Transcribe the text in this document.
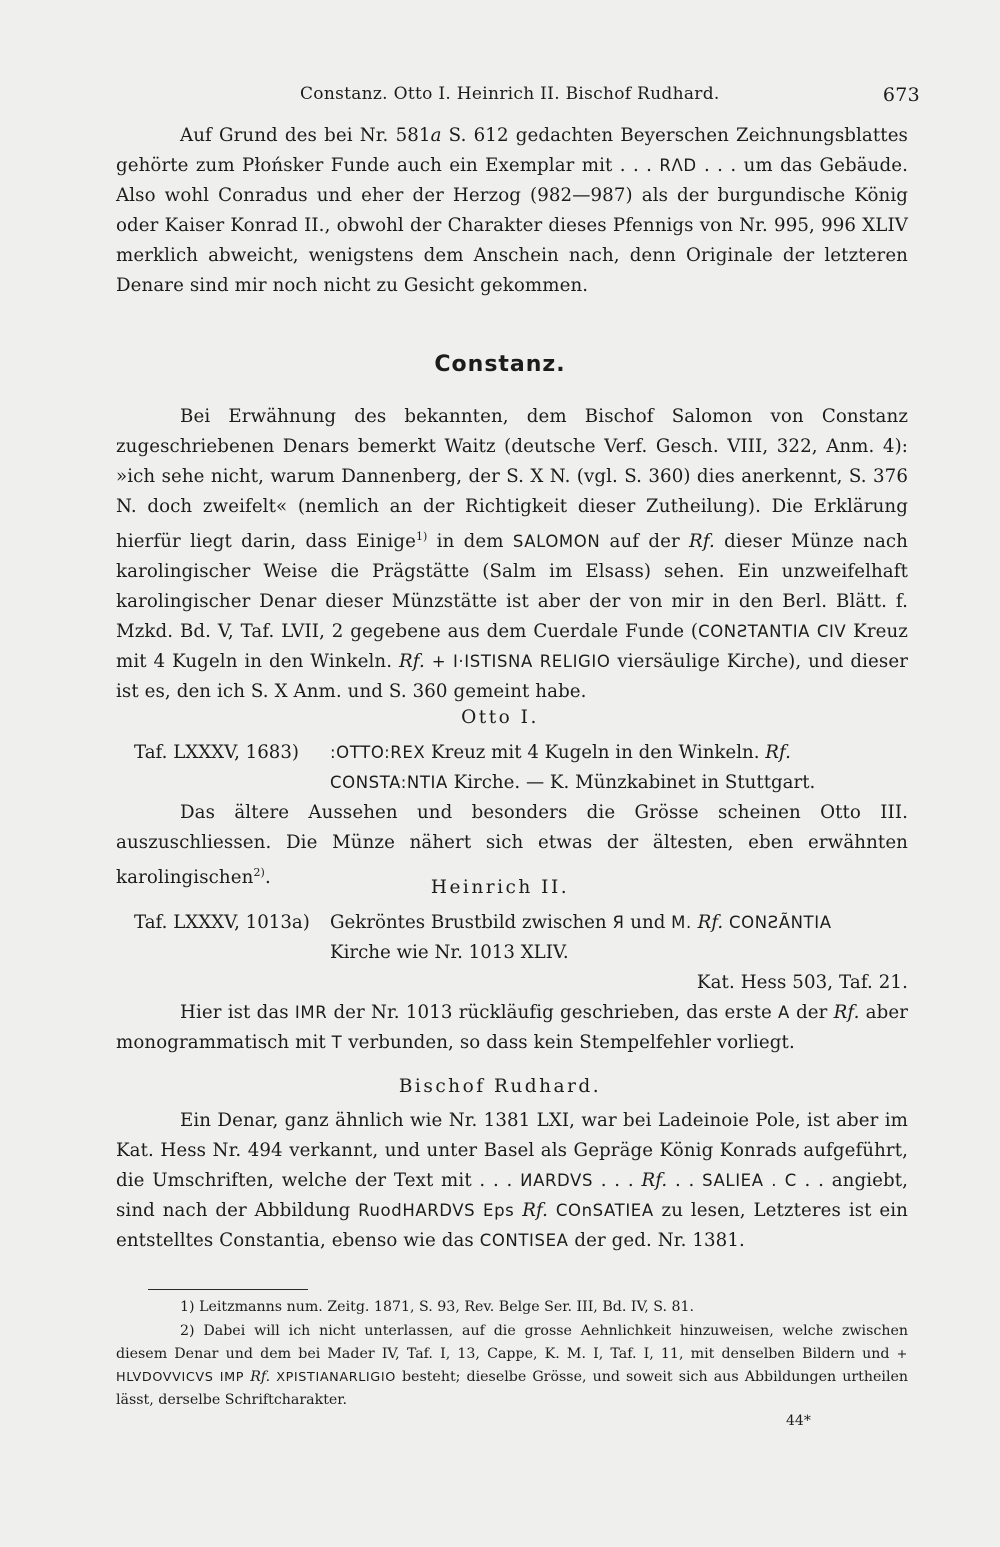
Constanz. Otto I. Heinrich II. Bischof Rudhard.	673
Auf Grund des bei Nr. 581a S. 612 gedachten Beyerschen Zeichnungsblattes gehörte zum Płońsker Funde auch ein Exemplar mit . . . RΛD . . . um das Gebäude. Also wohl Conradus und eher der Herzog (982—987) als der burgundische König oder Kaiser Konrad II., obwohl der Charakter dieses Pfennigs von Nr. 995, 996 XLIV merklich abweicht, wenigstens dem Anschein nach, denn Originale der letzteren Denare sind mir noch nicht zu Gesicht gekommen.
Constanz.
Bei Erwähnung des bekannten, dem Bischof Salomon von Constanz zugeschriebenen Denars bemerkt Waitz (deutsche Verf. Gesch. VIII, 322, Anm. 4): »ich sehe nicht, warum Dannenberg, der S. X N. (vgl. S. 360) dies anerkennt, S. 376 N. doch zweifelt« (nemlich an der Richtigkeit dieser Zutheilung). Die Erklärung hierfür liegt darin, dass Einige$^{1)}$ in dem SALOMON auf der Rf. dieser Münze nach karolingischer Weise die Prägstätte (Salm im Elsass) sehen. Ein unzweifelhaft karolingischer Denar dieser Münzstätte ist aber der von mir in den Berl. Blätt. f. Mzkd. Bd. V, Taf. LVII, 2 gegebene aus dem Cuerdale Funde (CONƧTANTIA CIV Kreuz mit 4 Kugeln in den Winkeln. Rf. + I·ISTISNA RELIGIO viersäulige Kirche), und dieser ist es, den ich S. X Anm. und S. 360 gemeint habe.
Otto I.
Taf. LXXXV, 1683) :OTTO:REX Kreuz mit 4 Kugeln in den Winkeln. Rf.
CONSTA:NTIA Kirche. — K. Münzkabinet in Stuttgart.
Das ältere Aussehen und besonders die Grösse scheinen Otto III. auszuschliessen. Die Münze nähert sich etwas der ältesten, eben erwähnten karolingischen$^{2)}$.	Heinrich II.
Taf. LXXXV, 1013a) Gekröntes Brustbild zwischen Я und M. Rf. CONƧÃNTIA
Kirche wie Nr. 1013 XLIV.
Kat. Hess 503, Taf. 21.
Hier ist das IMR der Nr. 1013 rückläufig geschrieben, das erste A der Rf. aber monogrammatisch mit T verbunden, so dass kein Stempelfehler vorliegt.
Bischof Rudhard.
Ein Denar, ganz ähnlich wie Nr. 1381 LXI, war bei Ladeinoie Pole, ist aber im Kat. Hess Nr. 494 verkannt, und unter Basel als Gepräge König Konrads aufgeführt, die Umschriften, welche der Text mit . . . ИARDVS . . . Rf. . . SALIEA . C . . angiebt, sind nach der Abbildung RuodHARDVS Eps Rf. COnSATIEA zu lesen, Letzteres ist ein entstelltes Constantia, ebenso wie das CONTISEA der ged. Nr. 1381.
1) Leitzmanns num. Zeitg. 1871, S. 93, Rev. Belge Ser. III, Bd. IV, S. 81.
2) Dabei will ich nicht unterlassen, auf die grosse Aehnlichkeit hinzuweisen, welche zwischen diesem Denar und dem bei Mader IV, Taf. I, 13, Cappe, K. M. I, Taf. I, 11, mit denselben Bildern und + HLVDOVVICVS IMP Rf. XPISTIANARLIGIO besteht; dieselbe Grösse, und soweit sich aus Abbildungen urtheilen lässt, derselbe Schriftcharakter.
44*
